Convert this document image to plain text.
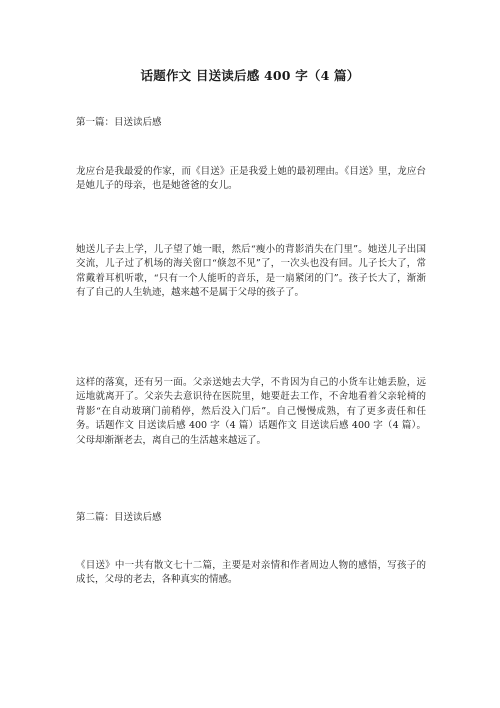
话题作文 目送读后感 400 字（4 篇）
第一篇：目送读后感

龙应台是我最爱的作家，而《目送》正是我爱上她的最初理由。《目送》里，龙应台是她儿子的母亲，也是她爸爸的女儿。

她送儿子去上学，儿子望了她一眼，然后“瘦小的背影消失在门里”。她送儿子出国交流，儿子过了机场的海关窗口“倏忽不见”了，一次头也没有回。儿子长大了，常常戴着耳机听歌，“只有一个人能听的音乐，是一扇紧闭的门”。孩子长大了，渐渐有了自己的人生轨迹，越来越不是属于父母的孩子了。

这样的落寞，还有另一面。父亲送她去大学，不肯因为自己的小货车让她丢脸，远远地就离开了。父亲失去意识待在医院里，她要赶去工作，不舍地看着父亲轮椅的背影“在自动玻璃门前稍停，然后没入门后”。自己慢慢成熟，有了更多责任和任务。话题作文 目送读后感 400 字（4 篇）话题作文 目送读后感 400 字（4 篇）。父母却渐渐老去，离自己的生活越来越远了。

第二篇：目送读后感

《目送》中一共有散文七十二篇，主要是对亲情和作者周边人物的感悟，写孩子的成长，父母的老去，各种真实的情感。
